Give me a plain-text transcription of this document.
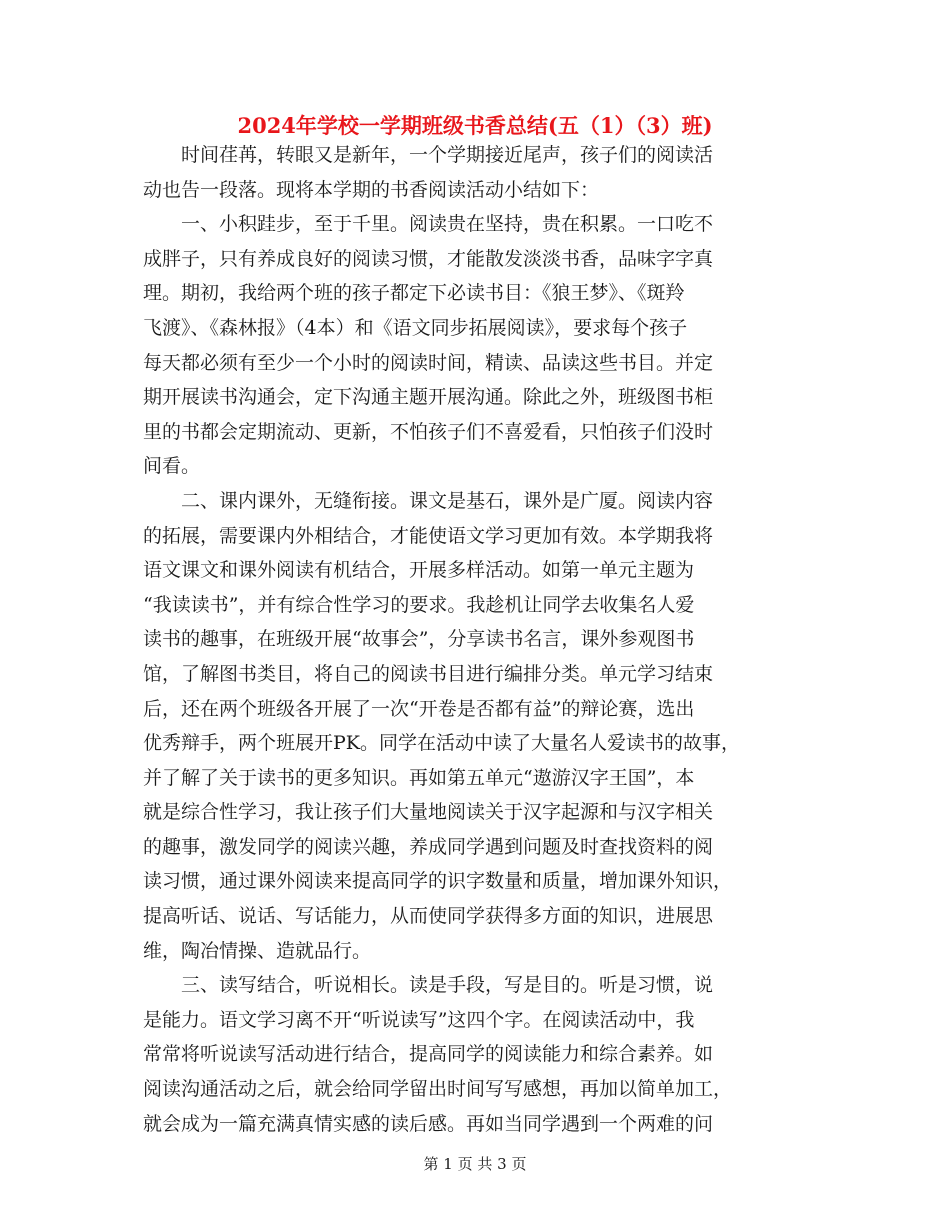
2024年学校一学期班级书香总结(五（1）（3）班)
　　时间荏苒，转眼又是新年，一个学期接近尾声，孩子们的阅读活
动也告一段落。现将本学期的书香阅读活动小结如下：
　　一、小积跬步，至于千里。阅读贵在坚持，贵在积累。一口吃不
成胖子，只有养成良好的阅读习惯，才能散发淡淡书香，品味字字真
理。期初，我给两个班的孩子都定下必读书目：《狼王梦》、《斑羚
飞渡》、《森林报》（4本）和《语文同步拓展阅读》，要求每个孩子
每天都必须有至少一个小时的阅读时间，精读、品读这些书目。并定
期开展读书沟通会，定下沟通主题开展沟通。除此之外，班级图书柜
里的书都会定期流动、更新，不怕孩子们不喜爱看，只怕孩子们没时
间看。
　　二、课内课外，无缝衔接。课文是基石，课外是广厦。阅读内容
的拓展，需要课内外相结合，才能使语文学习更加有效。本学期我将
语文课文和课外阅读有机结合，开展多样活动。如第一单元主题为
“我读读书”，并有综合性学习的要求。我趁机让同学去收集名人爱
读书的趣事，在班级开展“故事会”，分享读书名言，课外参观图书
馆，了解图书类目，将自己的阅读书目进行编排分类。单元学习结束
后，还在两个班级各开展了一次“开卷是否都有益”的辩论赛，选出
优秀辩手，两个班展开PK。同学在活动中读了大量名人爱读书的故事，
并了解了关于读书的更多知识。再如第五单元“遨游汉字王国”，本
就是综合性学习，我让孩子们大量地阅读关于汉字起源和与汉字相关
的趣事，激发同学的阅读兴趣，养成同学遇到问题及时查找资料的阅
读习惯，通过课外阅读来提高同学的识字数量和质量，增加课外知识，
提高听话、说话、写话能力，从而使同学获得多方面的知识，进展思
维，陶冶情操、造就品行。
　　三、读写结合，听说相长。读是手段，写是目的。听是习惯，说
是能力。语文学习离不开“听说读写”这四个字。在阅读活动中，我
常常将听说读写活动进行结合，提高同学的阅读能力和综合素养。如
阅读沟通活动之后，就会给同学留出时间写写感想，再加以简单加工，
就会成为一篇充满真情实感的读后感。再如当同学遇到一个两难的问
第 1 页 共 3 页
